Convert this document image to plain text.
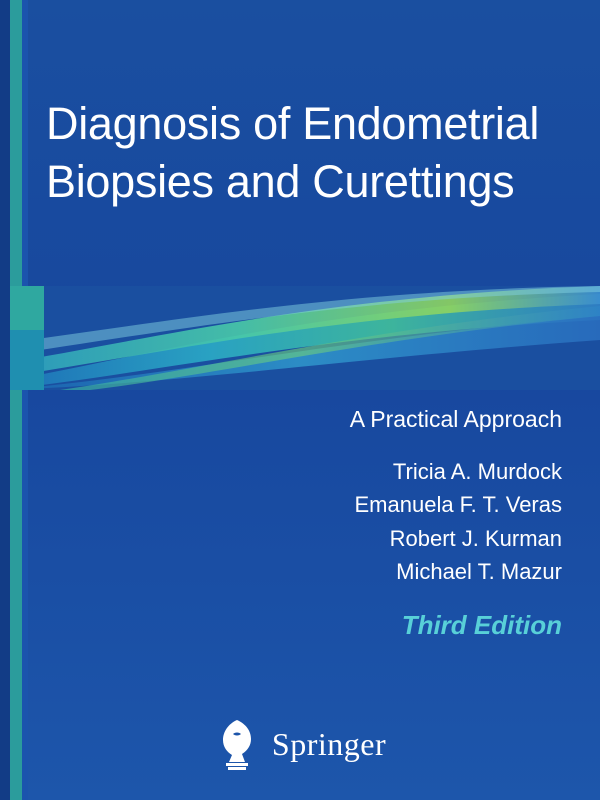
Diagnosis of Endometrial Biopsies and Curettings
A Practical Approach
Tricia A. Murdock
Emanuela F. T. Veras
Robert J. Kurman
Michael T. Mazur
Third Edition
Springer
